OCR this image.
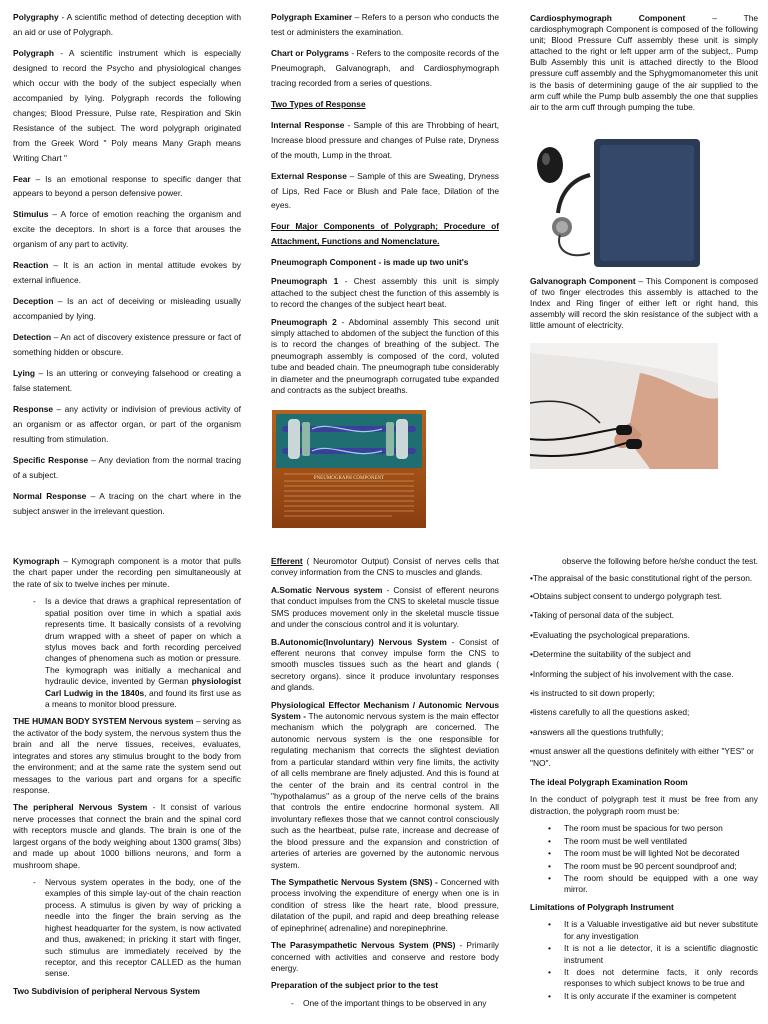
Polygraphy - A scientific method of detecting deception with an aid or use of Polygraph.

Polygraph - A scientific instrument which is especially designed to record the Psycho and physiological changes which occur with the body of the subject especially when accompanied by lying. Polygraph records the following changes; Blood Pressure, Pulse rate, Respiration and Skin Resistance of the subject. The word polygraph originated from the Greek Word " Poly means Many Graph means Writing Chart "

Fear – Is an emotional response to specific danger that appears to beyond a person defensive power.

Stimulus – A force of emotion reaching the organism and excite the deceptors. In short is a force that arouses the organism of any part to activity.

Reaction – It is an action in mental attitude evokes by external influence.

Deception – Is an act of deceiving or misleading usually accompanied by lying.

Detection – An act of discovery existence pressure or fact of something hidden or obscure.

Lying – Is an uttering or conveying falsehood or creating a false statement.

Response – any activity or indivision of previous activity of an organism or as affector organ, or part of the organism resulting from stimulation.

Specific Response – Any deviation from the normal tracing of a subject.

Normal Response – A tracing on the chart where in the subject answer in the irrelevant question.

Polygraph Examiner – Refers to a person who conducts the test or administers the examination.

Chart or Polygrams - Refers to the composite records of the Pneumograph, Galvanograph, and Cardiosphymograph tracing recorded from a series of questions.

Two Types of Response

Internal Response - Sample of this are Throbbing of heart, Increase blood pressure and changes of Pulse rate, Dryness of the mouth, Lump in the throat.

External Response – Sample of this are Sweating, Dryness of Lips, Red Face or Blush and Pale face, Dilation of the eyes.

Four Major Components of Polygraph; Procedure of Attachment, Functions and Nomenclature.

Pneumograph Component - is made up two unit's

Pneumograph 1 - Chest assembly this unit is simply attached to the subject chest the function of this assembly is to record the changes of the subject heart beat.

Pneumograph 2 - Abdominal assembly This second unit simply attached to abdomen of the subject the function of this is to record the changes of breathing of the subject. The pneumograph assembly is composed of the cord, voluted tube and beaded chain. The pneumograph tube considerably in diameter and the pneumograph corrugated tube expanded and contracts as the subject breaths.

PNEUMOGRAPH COMPONENT

Cardiosphymograph Component – The cardiosphymograph Component is composed of the following unit; Blood Pressure Cuff assembly these unit is simply attached to the right or left upper arm of the subject,. Pump Bulb Assembly this unit is attached directly to the Blood pressure cuff assembly and the Sphygmomanometer this unit is the basis of determining gauge of the air supplied to the arm cuff while the Pump bulb assembly the one that supplies air to the arm cuff through pumping the tube.

Galvanograph Component – This Component is composed of two finger electrodes this assembly is attached to the Index and Ring finger of either left or right hand, this assembly will record the skin resistance of the subject with a little amount of electricity.

Kymograph – Kymograph component is a motor that pulls the chart paper under the recording pen simultaneously at the rate of six to twelve inches per minute.

- Is a device that draws a graphical representation of spatial position over time in which a spatial axis represents time. It basically consists of a revolving drum wrapped with a sheet of paper on which a stylus moves back and forth recording perceived changes of phenomena such as motion or pressure. The kymograph was initially a mechanical and hydraulic device, invented by German physiologist Carl Ludwig in the 1840s, and found its first use as a means to monitor blood pressure.

THE HUMAN BODY SYSTEM Nervous system – serving as the activator of the body system, the nervous system thus the brain and all the nerve tissues, receives, evaluates, integrates and stores any stimulus brought to the body from the environment; and at the same rate the system send out messages to the various part and organs for a specific response.

The peripheral Nervous System - It consist of various nerve processes that connect the brain and the spinal cord with receptors muscle and glands. The brain is one of the largest organs of the body weighing about 1300 grams( 3lbs) and made up about 1000 billions neurons, and form a mushroom shape.

- Nervous system operates in the body, one of the examples of this simple lay-out of the chain reaction process. A stimulus is given by way of pricking a needle into the finger the brain serving as the highest headquarter for the system, is now activated and thus, awakened; in pricking it start with finger, such stimulus are immediately received by the receptor, and this receptor CALLED as the human sense.

Two Subdivision of peripheral Nervous System

Efferent ( Neuromotor Output) Consist of nerves cells that convey information from the CNS to muscles and glands.

A.Somatic Nervous system - Consist of efferent neurons that conduct impulses from the CNS to skeletal muscle tissue SMS produces movement only in the skeletal muscle tissue and under the conscious control and it is voluntary.

B.Autonomic(Involuntary) Nervous System - Consist of efferent neurons that convey impulse form the CNS to smooth muscles tissues such as the heart and glands ( secretory organs). since it produce involuntary responses and glands.

Physiological Effector Mechanism / Autonomic Nervous System - The autonomic nervous system is the main effector mechanism which the polygraph are concerned. The autonomic nervous system is the one responsible for regulating mechanism that corrects the slightest deviation from a particular standard within very fine limits, the activity of all cells membrane are finely adjusted. And this is found at the center of the brain and its central control in the "hypothalamus" as a group of the nerve cells of the brains that controls the entire endocrine hormonal system. All involuntary reflexes those that we cannot control consciously such as the heartbeat, pulse rate, increase and decrease of the blood pressure and the expansion and constriction of arteries of arteries are governed by the autonomic nervous system.

The Sympathetic Nervous System (SNS) - Concerned with process involving the expenditure of energy when one is in condition of stress like the heart rate, blood pressure, dilatation of the pupil, and rapid and deep breathing release of epinephrine( adrenaline) and norepinephrine.

The Parasympathetic Nervous System (PNS) - Primarily concerned with activities and conserve and restore body energy.

Preparation of the subject prior to the test

- One of the important things to be observed in any

observe the following before he/she conduct the test.

•The appraisal of the basic constitutional right of the person.

•Obtains subject consent to undergo polygraph test.

•Taking of personal data of the subject.

•Evaluating the psychological preparations.

•Determine the suitability of the subject and

•Informing the subject of his involvement with the case.

•is instructed to sit down properly;

•listens carefully to all the questions asked;

•answers all the questions truthfully;

•must answer all the questions definitely with either "YES" or "NO".

The ideal Polygraph Examination Room

In the conduct of polygraph test it must be free from any distraction, the polygraph room must be:

• The room must be spacious for two person
• The room must be well ventilated
• The room must be will lighted Not be decorated
• The room must be 90 percent soundproof and;
• The room should be equipped with a one way mirror.

Limitations of Polygraph Instrument

• It is a Valuable investigative aid but never substitute for any investigation
• It is not a lie detector, it is a scientific diagnostic instrument
• It does not determine facts, it only records responses to which subject knows to be true and
• It is only accurate if the examiner is competent
